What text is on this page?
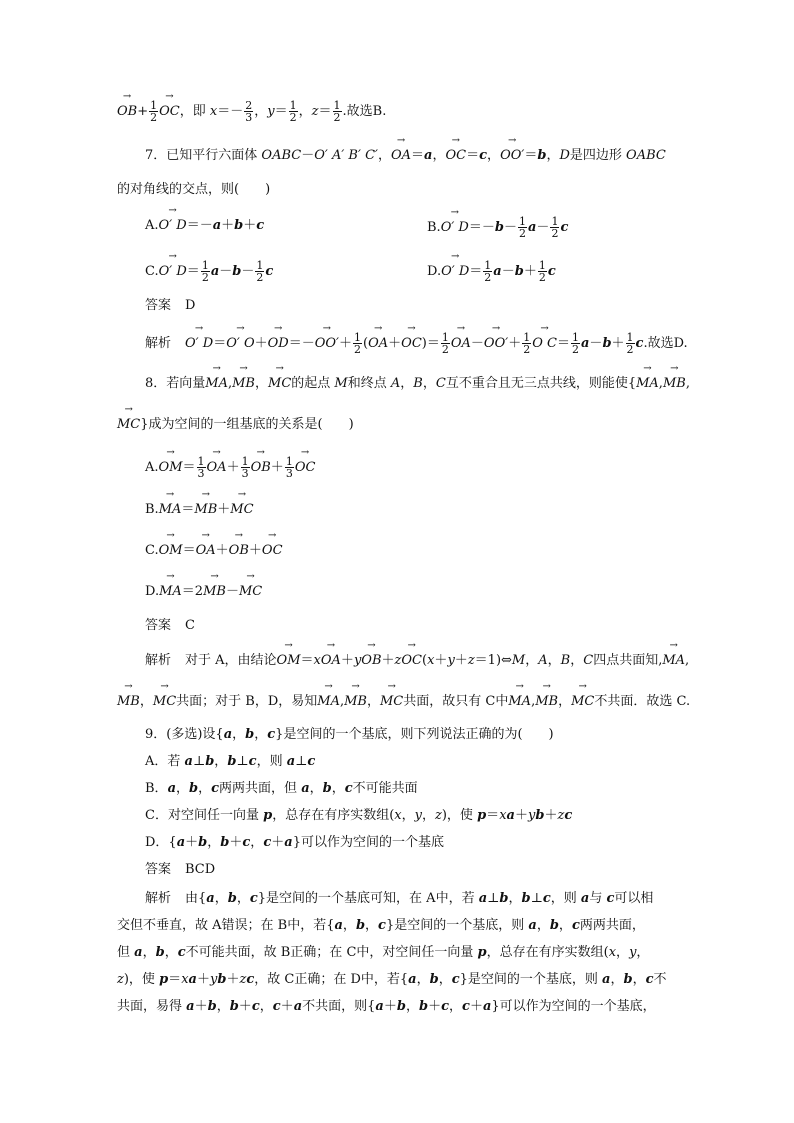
→ $OB+ \frac{1}{2}$
→ OC，即 $x=- \frac{2}{3}$ ，$y= \frac{1}{2}$ ，$z= \frac{1}{2}$ .故选B.
7．已知平行六面体 OABC－O′ A′ B′ C′，→ OA＝a，→ OC＝c，→ OO′＝b，D是四边形 OABC
的对角线的交点，则(　　)
A.→ O′ D＝－a＋b＋c	B.→ O′ $D=-b- \frac{1}{2} a- \frac{1}{2}$ c
C.→ O′ $D= \frac{1}{2} a-b- \frac{1}{2}$ c	D.→ O′ $D= \frac{1}{2} a-b+ \frac{1}{2}$ c
答案 D
解析→ O′ D＝→ O′ $O+\to OD=-\to OO'+ \frac{1}{2}$ (→ $OA+\to OC)= \frac{1}{2}$
→ $OA-\to OO'+ \frac{1}{2}$
→ O $C= \frac{1}{2} a-b+ \frac{1}{2} c$.故选D.
8．若向量→ MA,→ MB，→ MC的起点 M和终点 A，B，C互不重合且无三点共线，则能使{→ MA,→ MB,
→ MC}成为空间的一组基底的关系是(　　)
$A.\to OM= \frac{1}{3}$
→ $OA+ \frac{1}{3}$
→ $OB+ \frac{1}{3}$
→ OC
B.→ MA＝→ MB＋→ MC
C.→ OM＝→ OA＋→ OB＋→ OC
D.→ MA＝2→ MB－→ MC
答案 C
解析 对于 A，由结论→ OM＝x→ OA＋y→ OB＋z→ OC(x＋y＋z＝1)⇔M，A，B，C四点共面知,→ MA,
→ MB，→ MC共面；对于 B，D，易知→ MA,→ MB，→ MC共面，故只有 C中→ MA,→ MB，→ MC不共面．故选 C.
9．(多选)设{a，b，c}是空间的一个基底，则下列说法正确的为(　　)
A．若 a⊥b，b⊥c，则 a⊥c
B．a，b，c两两共面，但 a，b，c不可能共面
C．对空间任一向量 p，总存在有序实数组(x，y，z)，使 p＝xa＋yb＋zc
D．{a＋b，b＋c，c＋a}可以作为空间的一个基底
答案 BCD
解析 由{a，b，c}是空间的一个基底可知，在 A中，若 a⊥b，b⊥c，则 a与 c可以相
交但不垂直，故 A错误；在 B中，若{a，b，c}是空间的一个基底，则 a，b，c两两共面，
但 a，b，c不可能共面，故 B正确；在 C中，对空间任一向量 p，总存在有序实数组(x，y，
z)，使 p＝xa＋yb＋zc，故 C正确；在 D中，若{a，b，c}是空间的一个基底，则 a，b，c不
共面，易得 a＋b，b＋c，c＋a不共面，则{a＋b，b＋c，c＋a}可以作为空间的一个基底，
